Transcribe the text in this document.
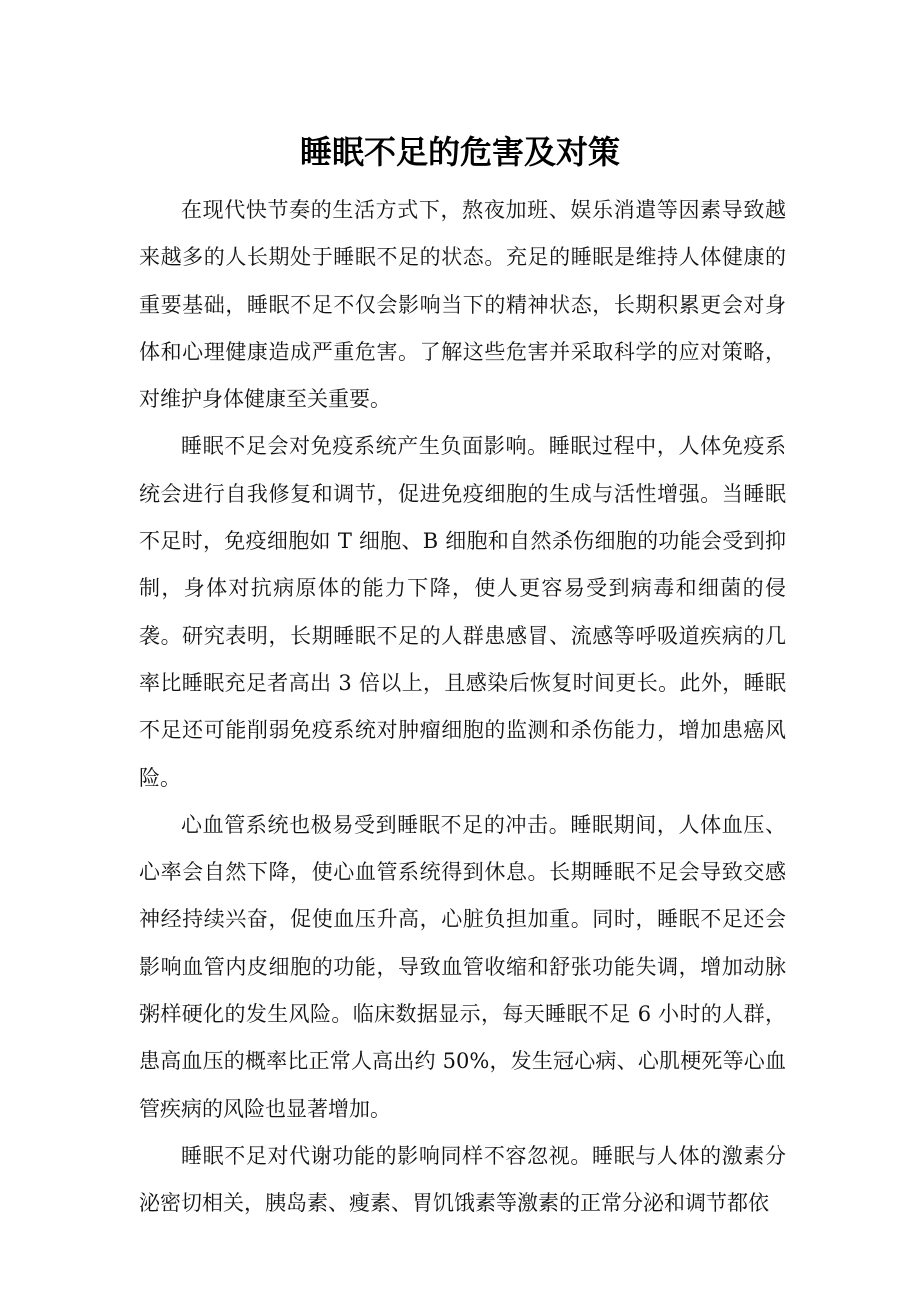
睡眠不足的危害及对策

在现代快节奏的生活方式下，熬夜加班、娱乐消遣等因素导致越来越多的人长期处于睡眠不足的状态。充足的睡眠是维持人体健康的重要基础，睡眠不足不仅会影响当下的精神状态，长期积累更会对身体和心理健康造成严重危害。了解这些危害并采取科学的应对策略，对维护身体健康至关重要。

睡眠不足会对免疫系统产生负面影响。睡眠过程中，人体免疫系统会进行自我修复和调节，促进免疫细胞的生成与活性增强。当睡眠不足时，免疫细胞如 T 细胞、B 细胞和自然杀伤细胞的功能会受到抑制，身体对抗病原体的能力下降，使人更容易受到病毒和细菌的侵袭。研究表明，长期睡眠不足的人群患感冒、流感等呼吸道疾病的几率比睡眠充足者高出 3 倍以上，且感染后恢复时间更长。此外，睡眠不足还可能削弱免疫系统对肿瘤细胞的监测和杀伤能力，增加患癌风险。

心血管系统也极易受到睡眠不足的冲击。睡眠期间，人体血压、心率会自然下降，使心血管系统得到休息。长期睡眠不足会导致交感神经持续兴奋，促使血压升高，心脏负担加重。同时，睡眠不足还会影响血管内皮细胞的功能，导致血管收缩和舒张功能失调，增加动脉粥样硬化的发生风险。临床数据显示，每天睡眠不足 6 小时的人群，患高血压的概率比正常人高出约 50%，发生冠心病、心肌梗死等心血管疾病的风险也显著增加。

睡眠不足对代谢功能的影响同样不容忽视。睡眠与人体的激素分泌密切相关，胰岛素、瘦素、胃饥饿素等激素的正常分泌和调节都依
